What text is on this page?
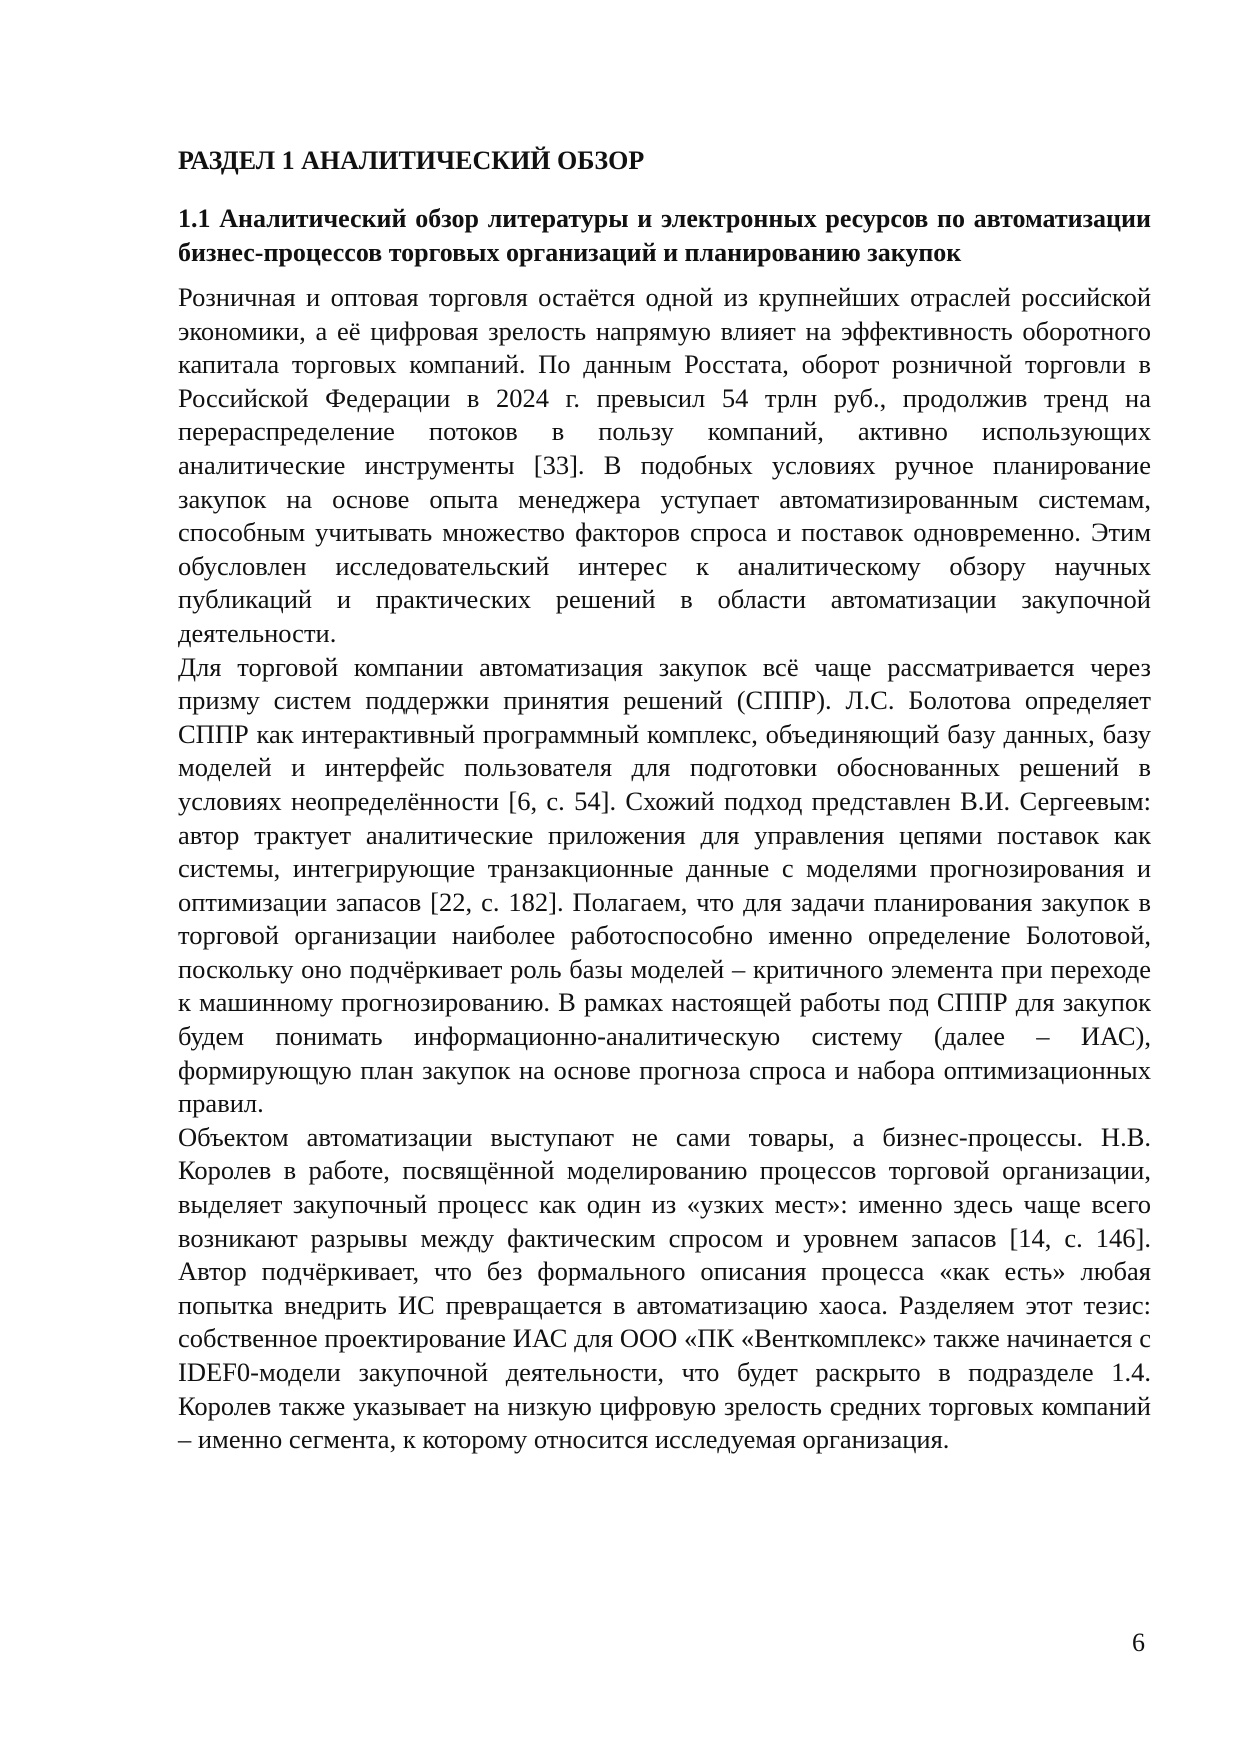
РАЗДЕЛ 1 АНАЛИТИЧЕСКИЙ ОБЗОР
1.1 Аналитический обзор литературы и электронных ресурсов по автоматизации бизнес-процессов торговых организаций и планированию закупок

Розничная и оптовая торговля остаётся одной из крупнейших отраслей российской экономики, а её цифровая зрелость напрямую влияет на эффективность оборотного капитала торговых компаний. По данным Росстата, оборот розничной торговли в Российской Федерации в 2024 г. превысил 54 трлн руб., продолжив тренд на перераспределение потоков в пользу компаний, активно использующих аналитические инструменты [33]. В подобных условиях ручное планирование закупок на основе опыта менеджера уступает автоматизированным системам, способным учитывать множество факторов спроса и поставок одновременно. Этим обусловлен исследовательский интерес к аналитическому обзору научных публикаций и практических решений в области автоматизации закупочной деятельности.

Для торговой компании автоматизация закупок всё чаще рассматривается через призму систем поддержки принятия решений (СППР). Л.С. Болотова определяет СППР как интерактивный программный комплекс, объединяющий базу данных, базу моделей и интерфейс пользователя для подготовки обоснованных решений в условиях неопределённости [6, с. 54]. Схожий подход представлен В.И. Сергеевым: автор трактует аналитические приложения для управления цепями поставок как системы, интегрирующие транзакционные данные с моделями прогнозирования и оптимизации запасов [22, с. 182]. Полагаем, что для задачи планирования закупок в торговой организации наиболее работоспособно именно определение Болотовой, поскольку оно подчёркивает роль базы моделей – критичного элемента при переходе к машинному прогнозированию. В рамках настоящей работы под СППР для закупок будем понимать информационно-аналитическую систему (далее – ИАС), формирующую план закупок на основе прогноза спроса и набора оптимизационных правил.

Объектом автоматизации выступают не сами товары, а бизнес-процессы. Н.В. Королев в работе, посвящённой моделированию процессов торговой организации, выделяет закупочный процесс как один из «узких мест»: именно здесь чаще всего возникают разрывы между фактическим спросом и уровнем запасов [14, с. 146]. Автор подчёркивает, что без формального описания процесса «как есть» любая попытка внедрить ИС превращается в автоматизацию хаоса. Разделяем этот тезис: собственное проектирование ИАС для ООО «ПК «Венткомплекс» также начинается с IDEF0-модели закупочной деятельности, что будет раскрыто в подразделе 1.4. Королев также указывает на низкую цифровую зрелость средних торговых компаний – именно сегмента, к которому относится исследуемая организация.

6
